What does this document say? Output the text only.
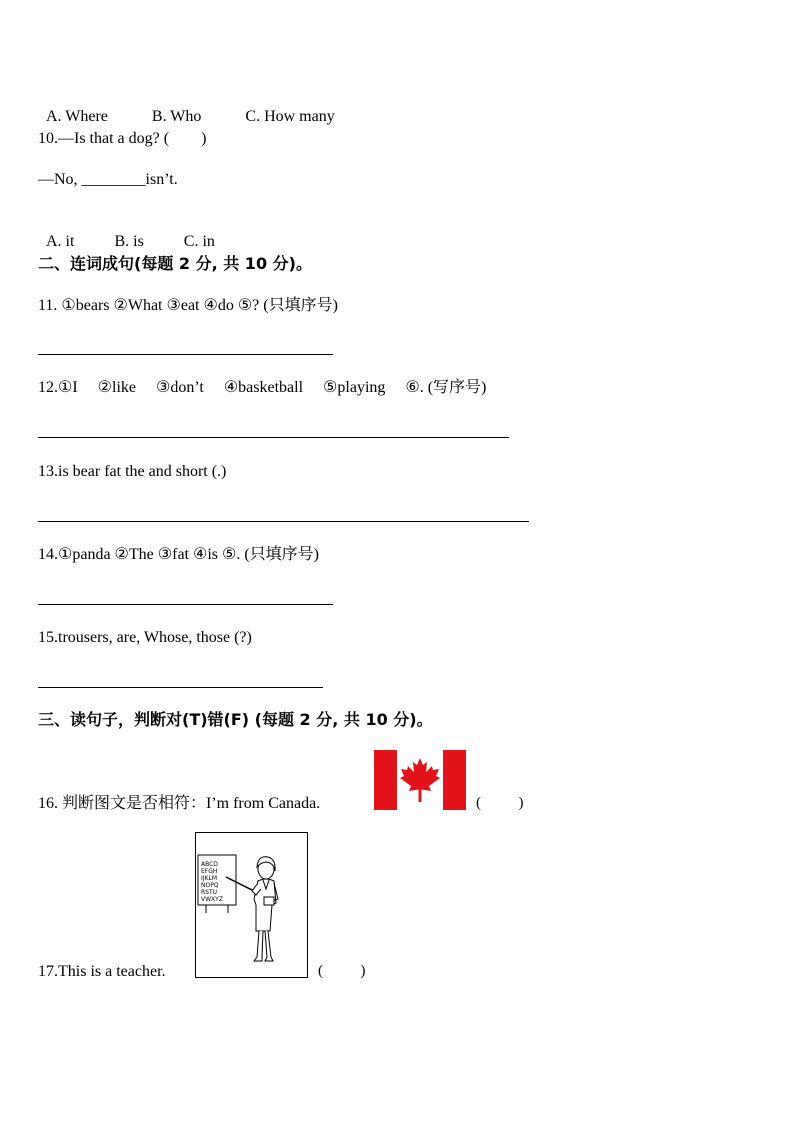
A. Where	B. Who	C. How many

10.—Is that a dog? (        )
—No, ________isn’t.

A. it	B. is	C. in

二、连词成句(每题 2 分, 共 10 分)。
11. ①bears ②What ③eat ④do ⑤? (只填序号)
12.①I     ②like     ③don’t     ④basketball     ⑤playing     ⑥. (写序号)
13.is bear fat the and short (.)
14.①panda ②The ③fat ④is ⑤. (只填序号)
15.trousers, are, Whose, those (?)
三、读句子，判断对(T)错(F) (每题 2 分, 共 10 分)。
16. 判断图文是否相符：I’m from Canada.	(          )
17.This is a teacher.
ABCD
EFGH
IJKLM
NOPQ
RSTU
VWXYZ
(          )
